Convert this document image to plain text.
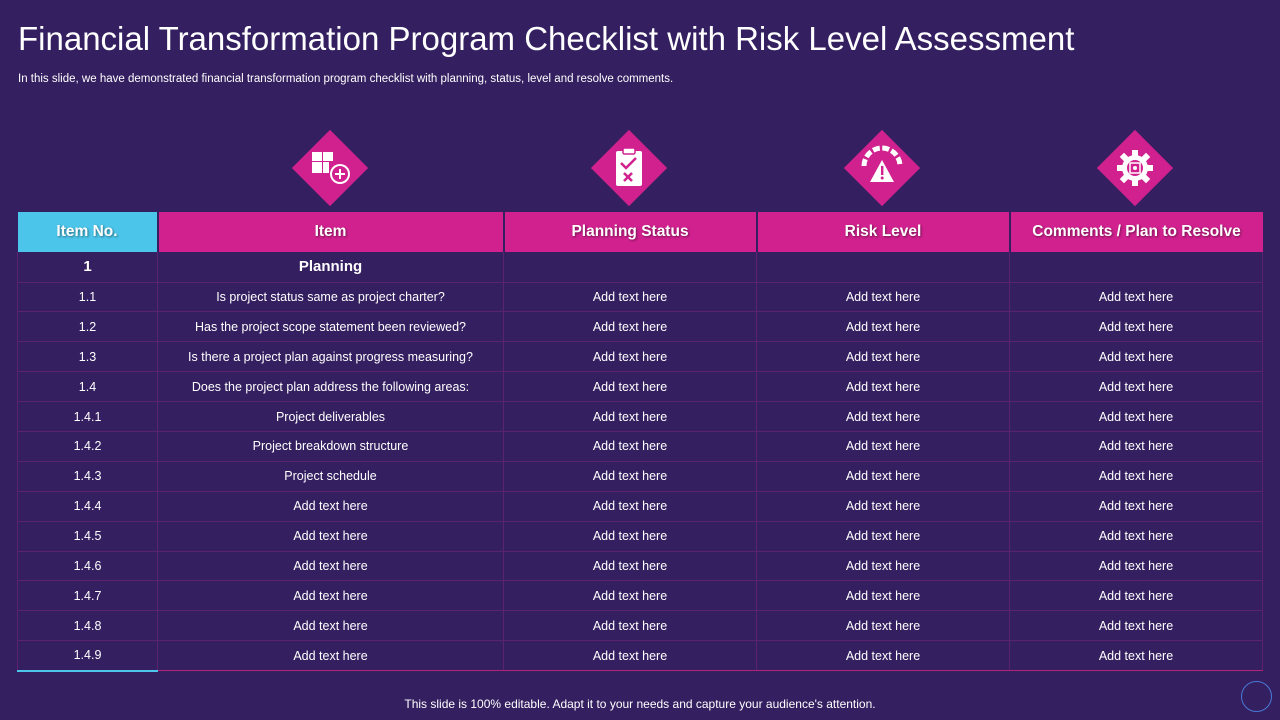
Financial Transformation Program Checklist with Risk Level Assessment
In this slide, we have demonstrated financial transformation program checklist with planning, status, level and resolve comments.
Item No.	Item	Planning Status	Risk Level	Comments / Plan to Resolve
1	Planning			
1.1	Is project status same as project charter?	Add text here	Add text here	Add text here
1.2	Has the project scope statement been reviewed?	Add text here	Add text here	Add text here
1.3	Is there a project plan against progress measuring?	Add text here	Add text here	Add text here
1.4	Does the project plan address the following areas:	Add text here	Add text here	Add text here
1.4.1	Project deliverables	Add text here	Add text here	Add text here
1.4.2	Project breakdown structure	Add text here	Add text here	Add text here
1.4.3	Project schedule	Add text here	Add text here	Add text here
1.4.4	Add text here	Add text here	Add text here	Add text here
1.4.5	Add text here	Add text here	Add text here	Add text here
1.4.6	Add text here	Add text here	Add text here	Add text here
1.4.7	Add text here	Add text here	Add text here	Add text here
1.4.8	Add text here	Add text here	Add text here	Add text here
1.4.9	Add text here	Add text here	Add text here	Add text here
This slide is 100% editable. Adapt it to your needs and capture your audience's attention.
